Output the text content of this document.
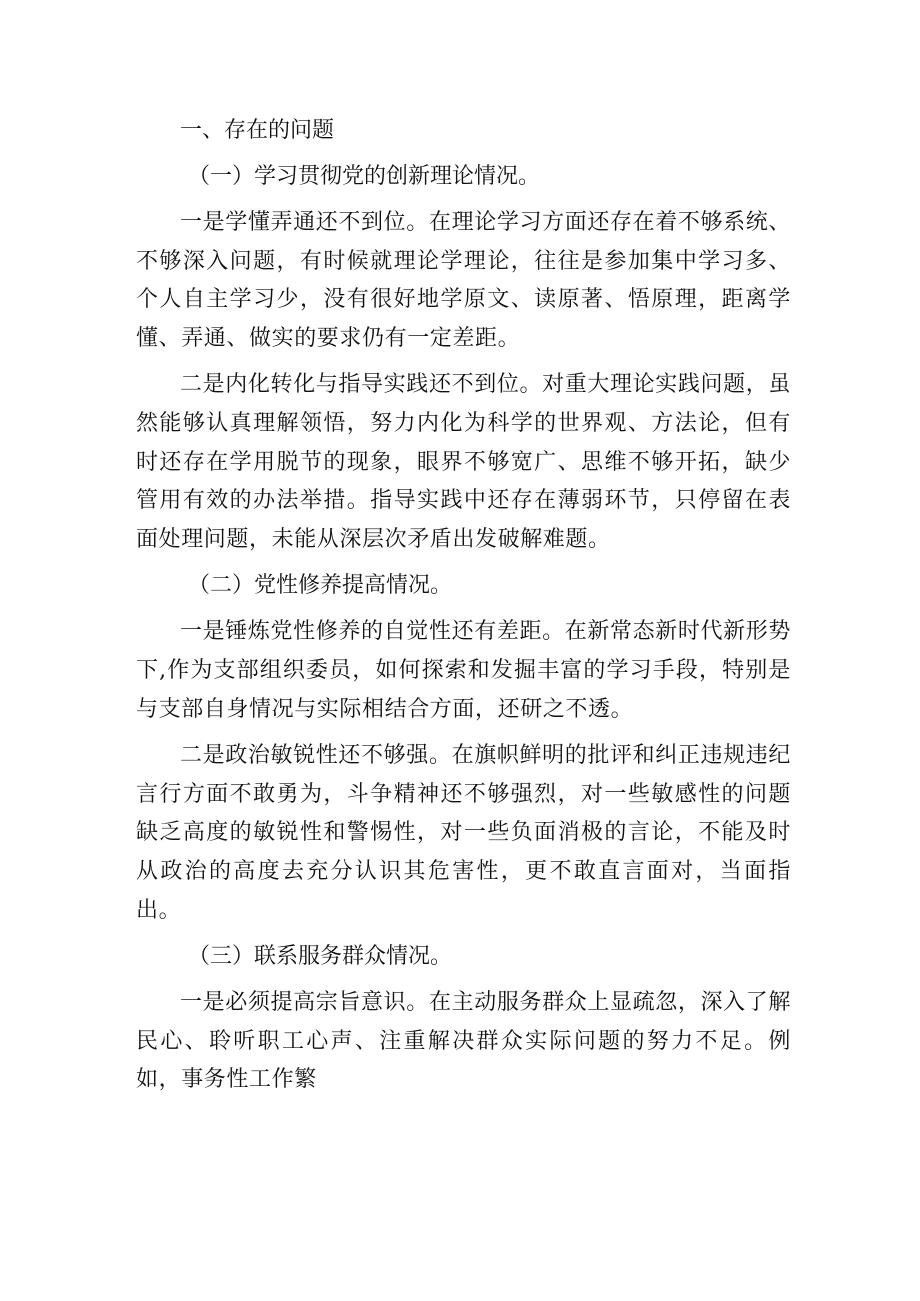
一、存在的问题
（一）学习贯彻党的创新理论情况。

一是学懂弄通还不到位。在理论学习方面还存在着不够系统、不够深入问题，有时候就理论学理论，往往是参加集中学习多、个人自主学习少，没有很好地学原文、读原著、悟原理，距离学懂、弄通、做实的要求仍有一定差距。

二是内化转化与指导实践还不到位。对重大理论实践问题，虽然能够认真理解领悟，努力内化为科学的世界观、方法论，但有时还存在学用脱节的现象，眼界不够宽广、思维不够开拓，缺少管用有效的办法举措。指导实践中还存在薄弱环节，只停留在表面处理问题，未能从深层次矛盾出发破解难题。

（二）党性修养提高情况。

一是锤炼党性修养的自觉性还有差距。在新常态新时代新形势下,作为支部组织委员，如何探索和发掘丰富的学习手段，特别是与支部自身情况与实际相结合方面，还研之不透。

二是政治敏锐性还不够强。在旗帜鲜明的批评和纠正违规违纪言行方面不敢勇为，斗争精神还不够强烈，对一些敏感性的问题缺乏高度的敏锐性和警惕性，对一些负面消极的言论，不能及时从政治的高度去充分认识其危害性，更不敢直言面对，当面指出。

（三）联系服务群众情况。

一是必须提高宗旨意识。在主动服务群众上显疏忽，深入了解民心、聆听职工心声、注重解决群众实际问题的努力不足。例如，事务性工作繁
